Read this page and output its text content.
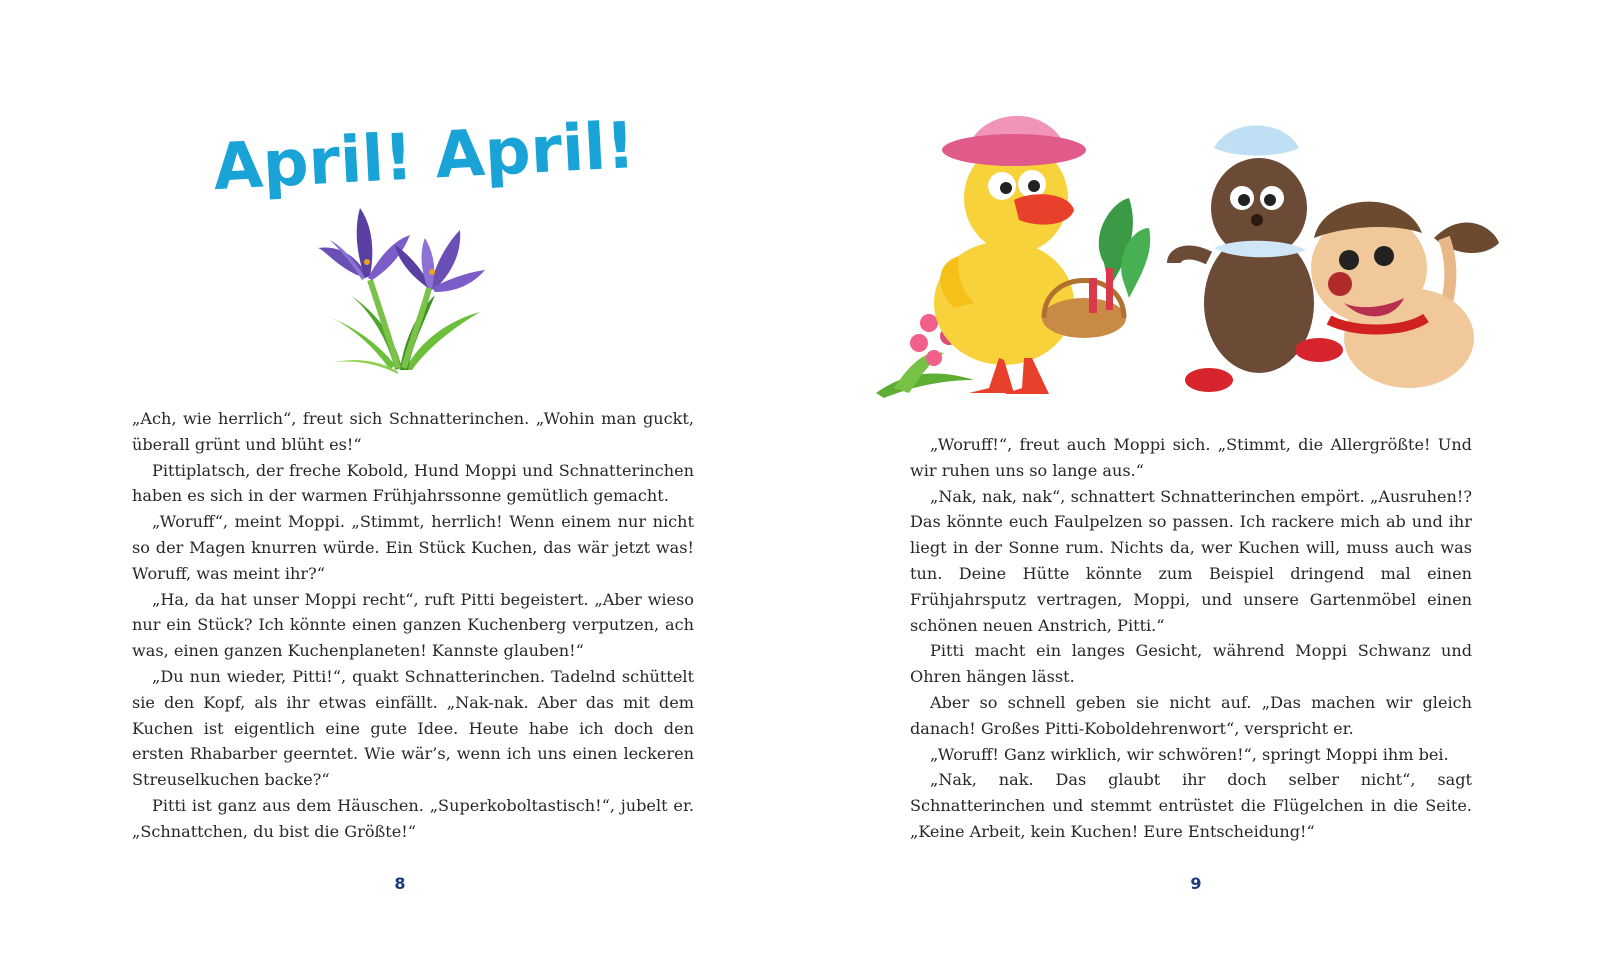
April! April!

„Ach, wie herrlich“, freut sich Schnatterinchen. „Wohin man guckt, überall grünt und blüht es!“

Pittiplatsch, der freche Kobold, Hund Moppi und Schnatterinchen haben es sich in der warmen Frühjahrssonne gemütlich gemacht.

„Woruff“, meint Moppi. „Stimmt, herrlich! Wenn einem nur nicht so der Magen knurren würde. Ein Stück Kuchen, das wär jetzt was! Woruff, was meint ihr?“

„Ha, da hat unser Moppi recht“, ruft Pitti begeistert. „Aber wieso nur ein Stück? Ich könnte einen ganzen Kuchenberg verputzen, ach was, einen ganzen Kuchenplaneten! Kannste glauben!“

„Du nun wieder, Pitti!“, quakt Schnatterinchen. Tadelnd schüttelt sie den Kopf, als ihr etwas einfällt. „Nak-nak. Aber das mit dem Kuchen ist eigentlich eine gute Idee. Heute habe ich doch den ersten Rhabarber geerntet. Wie wär’s, wenn ich uns einen leckeren Streuselkuchen backe?“

Pitti ist ganz aus dem Häuschen. „Superkoboltastisch!“, jubelt er. „Schnattchen, du bist die Größte!“

8

„Woruff!“, freut auch Moppi sich. „Stimmt, die Allergrößte! Und wir ruhen uns so lange aus.“

„Nak, nak, nak“, schnattert Schnatterinchen empört. „Ausruhen!? Das könnte euch Faulpelzen so passen. Ich rackere mich ab und ihr liegt in der Sonne rum. Nichts da, wer Kuchen will, muss auch was tun. Deine Hütte könnte zum Beispiel dringend mal einen Frühjahrsputz vertragen, Moppi, und unsere Gartenmöbel einen schönen neuen Anstrich, Pitti.“

Pitti macht ein langes Gesicht, während Moppi Schwanz und Ohren hängen lässt.

Aber so schnell geben sie nicht auf. „Das machen wir gleich danach! Großes Pitti-Koboldehrenwort“, verspricht er.

„Woruff! Ganz wirklich, wir schwören!“, springt Moppi ihm bei.

„Nak, nak. Das glaubt ihr doch selber nicht“, sagt Schnatterinchen und stemmt entrüstet die Flügelchen in die Seite. „Keine Arbeit, kein Kuchen! Eure Entscheidung!“

9
